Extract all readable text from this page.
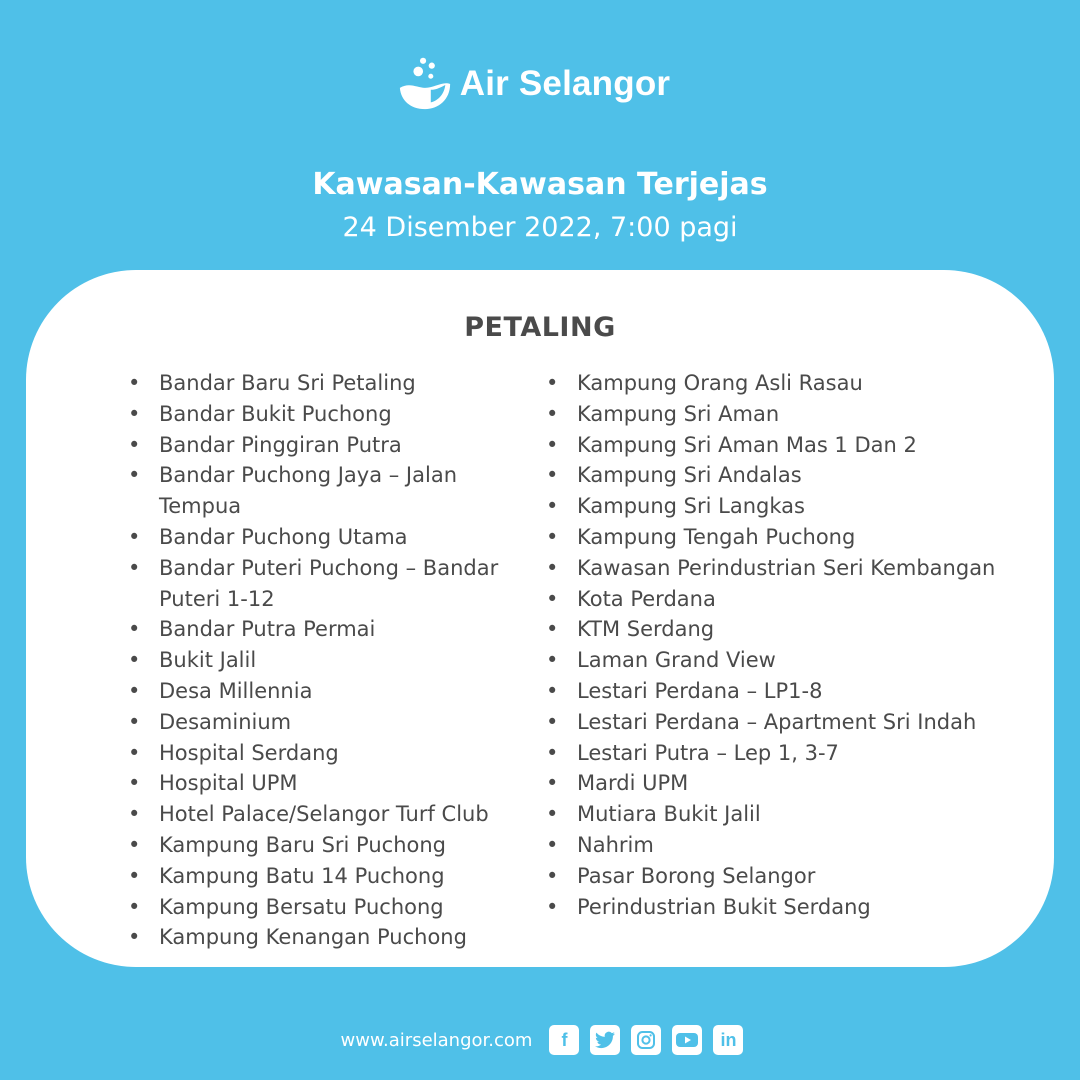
Air Selangor
Kawasan-Kawasan Terjejas
24 Disember 2022, 7:00 pagi
PETALING
• Bandar Baru Sri Petaling
• Bandar Bukit Puchong
• Bandar Pinggiran Putra
• Bandar Puchong Jaya – Jalan Tempua
• Bandar Puchong Utama
• Bandar Puteri Puchong – Bandar Puteri 1-12
• Bandar Putra Permai
• Bukit Jalil
• Desa Millennia
• Desaminium
• Hospital Serdang
• Hospital UPM
• Hotel Palace/Selangor Turf Club
• Kampung Baru Sri Puchong
• Kampung Batu 14 Puchong
• Kampung Bersatu Puchong
• Kampung Kenangan Puchong
• Kampung Orang Asli Rasau
• Kampung Sri Aman
• Kampung Sri Aman Mas 1 Dan 2
• Kampung Sri Andalas
• Kampung Sri Langkas
• Kampung Tengah Puchong
• Kawasan Perindustrian Seri Kembangan
• Kota Perdana
• KTM Serdang
• Laman Grand View
• Lestari Perdana – LP1-8
• Lestari Perdana – Apartment Sri Indah
• Lestari Putra – Lep 1, 3-7
• Mardi UPM
• Mutiara Bukit Jalil
• Nahrim
• Pasar Borong Selangor
• Perindustrian Bukit Serdang
www.airselangor.com f	in
